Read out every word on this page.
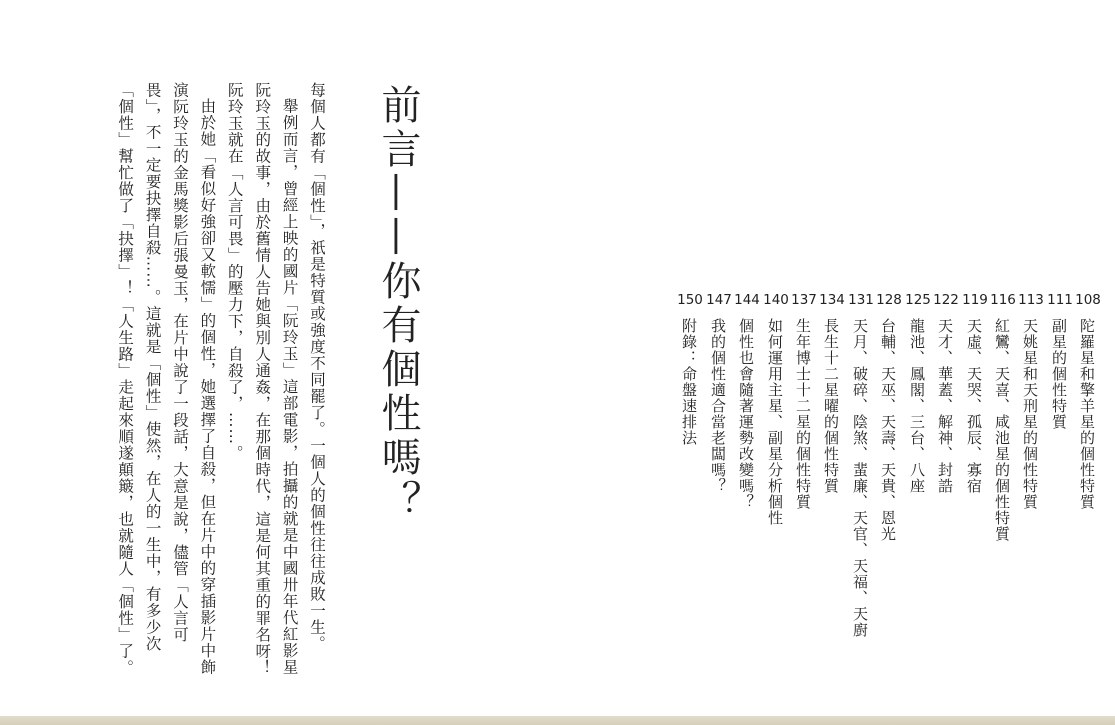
前言——你有個性嗎？

每個人都有「個性」，祇是特質或強度不同罷了。一個人的個性往往成敗一生。

舉例而言，曾經上映的國片「阮玲玉」這部電影，拍攝的就是中國卅年代紅影星阮玲玉的故事，由於舊情人告她與別人通姦，在那個時代，這是何其重的罪名呀！阮玲玉就在「人言可畏」的壓力下，自殺了，……。

由於她「看似好強卻又軟懦」的個性，她選擇了自殺，但在片中的穿插影片中飾演阮玲玉的金馬獎影后張曼玉，在片中說了一段話，大意是說，儘管「人言可畏」，不一定要抉擇自殺……。這就是「個性」使然，在人的一生中，有多少次「個性」幫忙做了「抉擇」！「人生路」走起來順遂顛簸，也就隨人「個性」了。	108
111
113
116
119
122
125
128
131
134
137
140
144
147
150
陀羅星和擎羊星的個性特質
副星的個性特質
天姚星和天刑星的個性特質
紅鸞、天喜、咸池星的個性特質
天虛、天哭、孤辰、寡宿
天才、華蓋、解神、封誥
龍池、鳳閣、三台、八座
台輔、天巫、天壽、天貴、恩光
天月、破碎、陰煞、蜚廉、天官、天福、天廚
長生十二星曜的個性特質
生年博士十二星的個性特質
如何運用主星、副星分析個性
個性也會隨著運勢改變嗎？
我的個性適合當老闆嗎？
附錄：命盤速排法
